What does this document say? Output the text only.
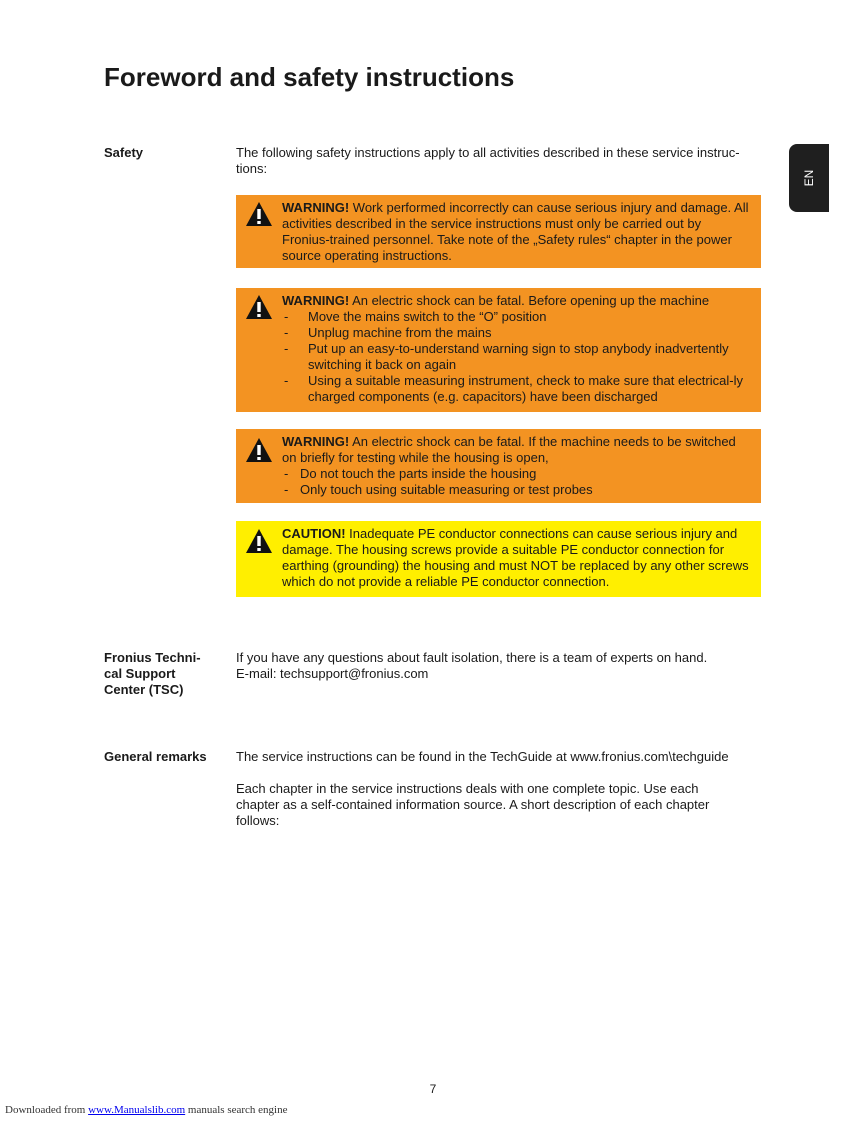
Foreword and safety instructions
EN
Safety	The following safety instructions apply to all activities described in these service instruc-tions:

WARNING! Work performed incorrectly can cause serious injury and damage. All activities described in the service instructions must only be carried out by Fronius-trained personnel. Take note of the „Safety rules“ chapter in the power source operating instructions.
WARNING! An electric shock can be fatal. Before opening up the machine
- Move the mains switch to the “O” position
- Unplug machine from the mains
- Put up an easy-to-understand warning sign to stop anybody inadvertently switching it back on again
- Using a suitable measuring instrument, check to make sure that electrical-ly charged components (e.g. capacitors) have been discharged
WARNING! An electric shock can be fatal. If the machine needs to be switched on briefly for testing while the housing is open,
- Do not touch the parts inside the housing
- Only touch using suitable measuring or test probes
CAUTION! Inadequate PE conductor connections can cause serious injury and damage. The housing screws provide a suitable PE conductor connection for earthing (grounding) the housing and must NOT be replaced by any other screws which do not provide a reliable PE conductor connection.
Fronius Techni-
cal Support
Center (TSC)
If you have any questions about fault isolation, there is a team of experts on hand.
E-mail: techsupport@fronius.com
General remarks	The service instructions can be found in the TechGuide at www.fronius.com\techguide

Each chapter in the service instructions deals with one complete topic. Use each chapter as a self-contained information source. A short description of each chapter follows:

7
Downloaded from www.Manualslib.com manuals search engine
